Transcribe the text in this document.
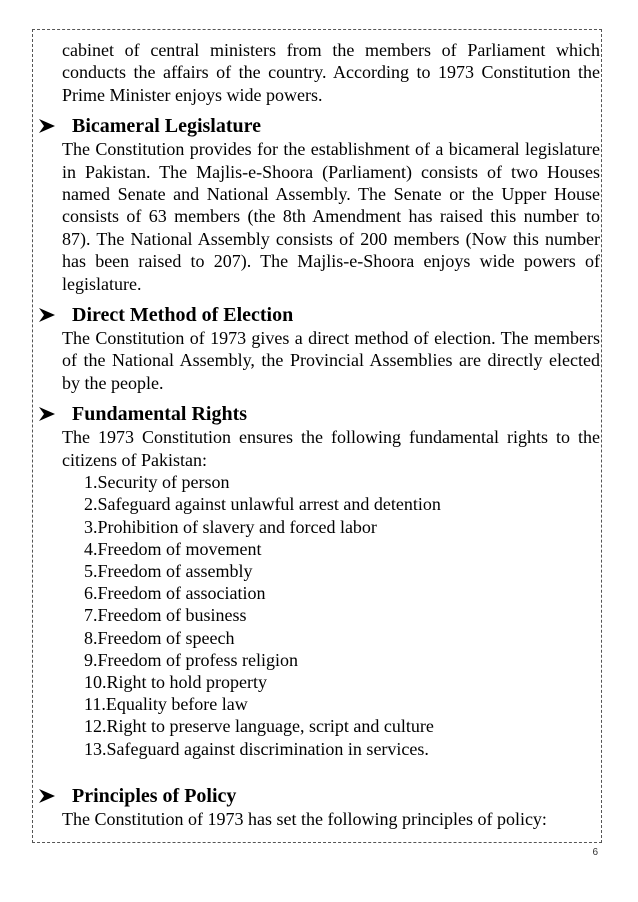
cabinet of central ministers from the members of Parliament which conducts the affairs of the country. According to 1973 Constitution the Prime Minister enjoys wide powers.

Bicameral Legislature

The Constitution provides for the establishment of a bicameral legislature in Pakistan. The Majlis-e-Shoora (Parliament) consists of two Houses named Senate and National Assembly. The Senate or the Upper House consists of 63 members (the 8th Amendment has raised this number to 87). The National Assembly consists of 200 members (Now this number has been raised to 207). The Majlis-e-Shoora enjoys wide powers of legislature.

Direct Method of Election

The Constitution of 1973 gives a direct method of election. The members of the National Assembly, the Provincial Assemblies are directly elected by the people.

Fundamental Rights

The 1973 Constitution ensures the following fundamental rights to the citizens of Pakistan:

1.Security of person
2.Safeguard against unlawful arrest and detention
3.Prohibition of slavery and forced labor
4.Freedom of movement
5.Freedom of assembly
6.Freedom of association
7.Freedom of business
8.Freedom of speech
9.Freedom of profess religion
10.Right to hold property
11.Equality before law
12.Right to preserve language, script and culture
13.Safeguard against discrimination in services.
Principles of Policy

The Constitution of 1973 has set the following principles of policy:

6
